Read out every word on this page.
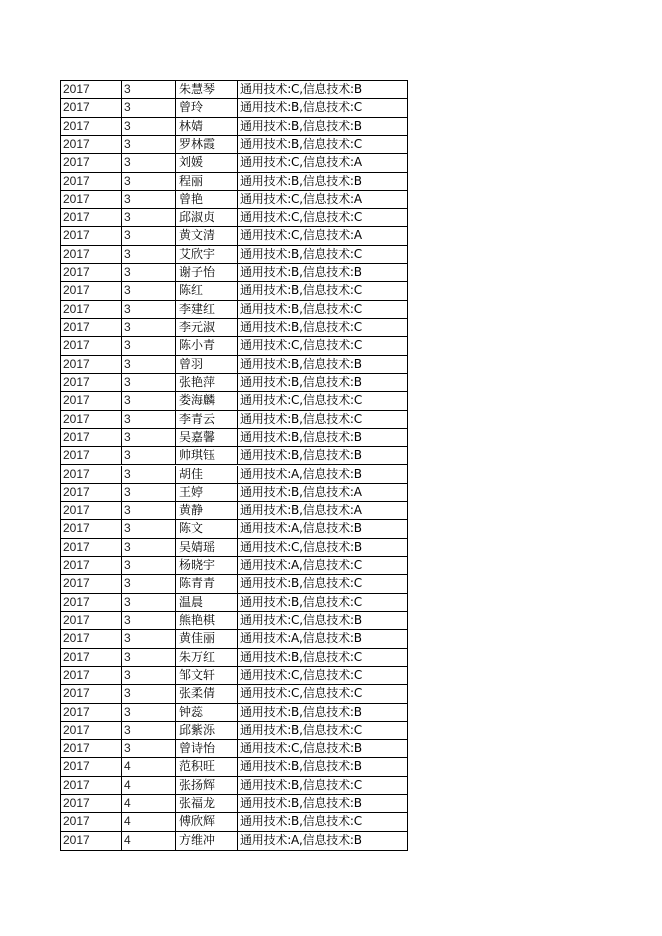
2017	3	朱慧琴	通用技术:C,信息技术:B
2017	3	曾玲	通用技术:B,信息技术:C
2017	3	林婧	通用技术:B,信息技术:B
2017	3	罗林霞	通用技术:B,信息技术:C
2017	3	刘媛	通用技术:C,信息技术:A
2017	3	程丽	通用技术:B,信息技术:B
2017	3	曾艳	通用技术:C,信息技术:A
2017	3	邱淑贞	通用技术:C,信息技术:C
2017	3	黄文清	通用技术:C,信息技术:A
2017	3	艾欣宇	通用技术:B,信息技术:C
2017	3	谢子怡	通用技术:B,信息技术:B
2017	3	陈红	通用技术:B,信息技术:C
2017	3	李建红	通用技术:B,信息技术:C
2017	3	李元淑	通用技术:B,信息技术:C
2017	3	陈小青	通用技术:C,信息技术:C
2017	3	曾羽	通用技术:B,信息技术:B
2017	3	张艳萍	通用技术:B,信息技术:B
2017	3	娄海麟	通用技术:C,信息技术:C
2017	3	李青云	通用技术:B,信息技术:C
2017	3	吴嘉馨	通用技术:B,信息技术:B
2017	3	帅琪钰	通用技术:B,信息技术:B
2017	3	胡佳	通用技术:A,信息技术:B
2017	3	王婷	通用技术:B,信息技术:A
2017	3	黄静	通用技术:B,信息技术:A
2017	3	陈文	通用技术:A,信息技术:B
2017	3	吴婧瑶	通用技术:C,信息技术:B
2017	3	杨晓宇	通用技术:A,信息技术:C
2017	3	陈青青	通用技术:B,信息技术:C
2017	3	温晨	通用技术:B,信息技术:C
2017	3	熊艳棋	通用技术:C,信息技术:B
2017	3	黄佳丽	通用技术:A,信息技术:B
2017	3	朱万红	通用技术:B,信息技术:C
2017	3	邹文轩	通用技术:C,信息技术:C
2017	3	张柔倩	通用技术:C,信息技术:C
2017	3	钟蕊	通用技术:B,信息技术:B
2017	3	邱紫泺	通用技术:B,信息技术:C
2017	3	曾诗怡	通用技术:C,信息技术:B
2017	4	范积旺	通用技术:B,信息技术:B
2017	4	张扬辉	通用技术:B,信息技术:C
2017	4	张福龙	通用技术:B,信息技术:B
2017	4	傅欣辉	通用技术:B,信息技术:C
2017	4	方维冲	通用技术:A,信息技术:B
